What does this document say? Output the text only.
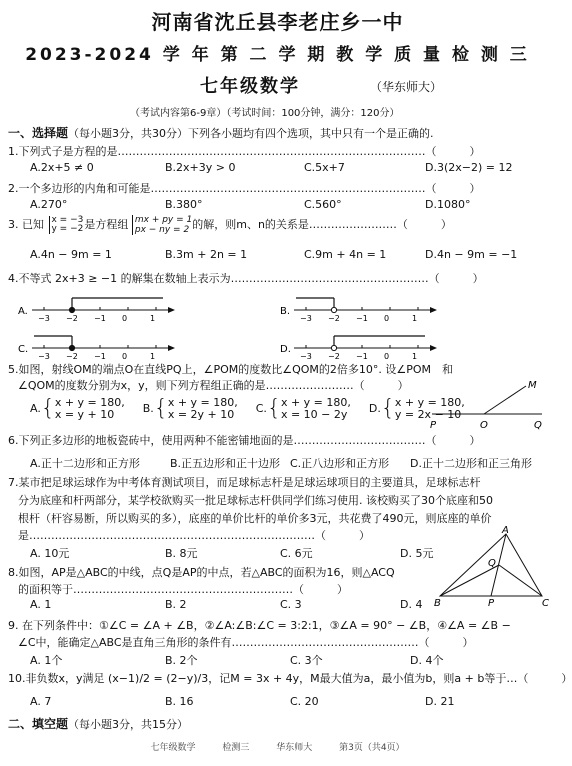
河南省沈丘县李老庄乡一中
2023-2024 学 年 第 二 学 期 教 学 质 量 检 测 三
七年级数学	（华东师大）
（考试内容第6-9章）（考试时间：100分钟，满分：120分）
一、选择题（每小题3分，共30分）下列各小题均有四个选项，其中只有一个是正确的.
1.下列式子是方程的是…………………………………………………………………………（　　　）
A.2x+5 ≠ 0	B.2x+3y > 0	C.5x+7	D.3(2x−2) = 12
2.一个多边形的内角和可能是…………………………………………………………………（　　　）
A.270°	B.380°	C.560°	D.1080°
3. 已知 x = −3
y = −2是方程组 mx + py = 1
px − ny = 2 的解，则m、n的关系是……………………（　　　）
A.4n − 9m = 1	B.3m + 2n = 1	C.9m + 4n = 1	D.4n − 9m = −1
4.不等式 2x+3 ≥ −1 的解集在数轴上表示为………………………………………………（　　　）
A.
−3 −2 −1 0	1
B.
−3 −2 −1 0	1
C.
−3 −2 −1 0	1
D.
−3 −2 −1 0	1
5.如图，射线OM的端点O在直线PQ上，∠POM的度数比∠QOM的2倍多10°. 设∠POM　和
∠QOM的度数分别为x，y，则下列方程组正确的是……………………（　　　）
A.{x + y = 180,
x = y + 10	B.{x + y = 180,
x = 2y + 10 C.{x + y = 180,
x = 10 − 2y D.{x + y = 180,
y = 2x − 10
M
P	O	Q
6.下列正多边形的地板瓷砖中，使用两种不能密铺地面的是………………………………（　　　）
A.正十二边形和正方形	B.正五边形和正十边形 C.正八边形和正方形 D.正十二边形和正三角形
7.某市把足球运球作为中考体育测试项目，而足球标志杆是足球运球项目的主要道具，足球标志杆
分为底座和杆两部分，某学校欲购买一批足球标志杆供同学们练习使用. 该校购买了30个底座和50
根杆（杆容易断，所以购买的多），底座的单价比杆的单价多3元，共花费了490元，则底座的单价
是……………………………………………………………………（　　　）
A. 10元	B. 8元	C. 6元	D. 5元
8.如图，AP是△ABC的中线，点Q是AP的中点，若△ABC的面积为16，则△ACQ
的面积等于……………………………………………………（　　　）
A. 1	B. 2	C. 3	D. 4
A
B	C
P
Q
9. 在下列条件中：①∠C = ∠A + ∠B，②∠A:∠B:∠C = 3:2:1，③∠A = 90° − ∠B，④∠A = ∠B −
∠C中，能确定△ABC是直角三角形的条件有……………………………………………（　　　）
A. 1个	B. 2个	C. 3个	D. 4个
10.非负数x，y满足 (x−1)/2 = (2−y)/3，记M = 3x + 4y，M最大值为a，最小值为b，则a + b等于…（　　　）
A. 7	B. 16	C. 20	D. 21
二、填空题（每小题3分，共15分）
七年级数学	检测三	华东师大	第3页（共4页）
